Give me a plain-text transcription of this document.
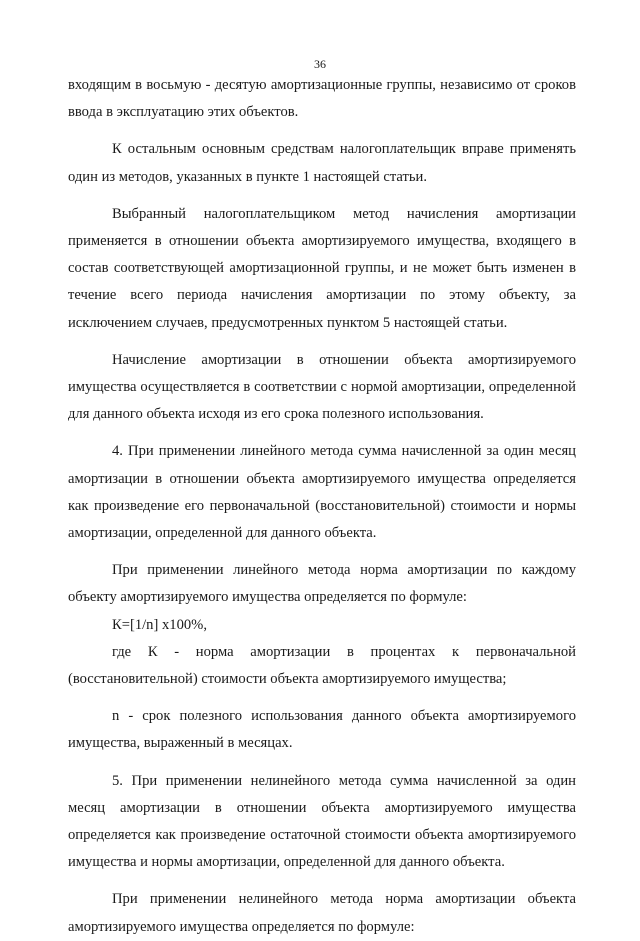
36

входящим в восьмую - десятую амортизационные группы, независимо от сроков ввода в эксплуатацию этих объектов.

К остальным основным средствам налогоплательщик вправе применять один из методов, указанных в пункте 1 настоящей статьи.

Выбранный налогоплательщиком метод начисления амортизации применяется в отношении объекта амортизируемого имущества, входящего в состав соответствующей амортизационной группы, и не может быть изменен в течение всего периода начисления амортизации по этому объекту, за исключением случаев, предусмотренных пунктом 5 настоящей статьи.

Начисление амортизации в отношении объекта амортизируемого имущества осуществляется в соответствии с нормой амортизации, определенной для данного объекта исходя из его срока полезного использования.

4. При применении линейного метода сумма начисленной за один месяц амортизации в отношении объекта амортизируемого имущества определяется как произведение его первоначальной (восстановительной) стоимости и нормы амортизации, определенной для данного объекта.

При применении линейного метода норма амортизации по каждому объекту амортизируемого имущества определяется по формуле:

К=[1/n] x100%,

где К - норма амортизации в процентах к первоначальной (восстановительной) стоимости объекта амортизируемого имущества;

n - срок полезного использования данного объекта амортизируемого имущества, выраженный в месяцах.

5. При применении нелинейного метода сумма начисленной за один месяц амортизации в отношении объекта амортизируемого имущества определяется как произведение остаточной стоимости объекта амортизируемого имущества и нормы амортизации, определенной для данного объекта.

При применении нелинейного метода норма амортизации объекта амортизируемого имущества определяется по формуле:
